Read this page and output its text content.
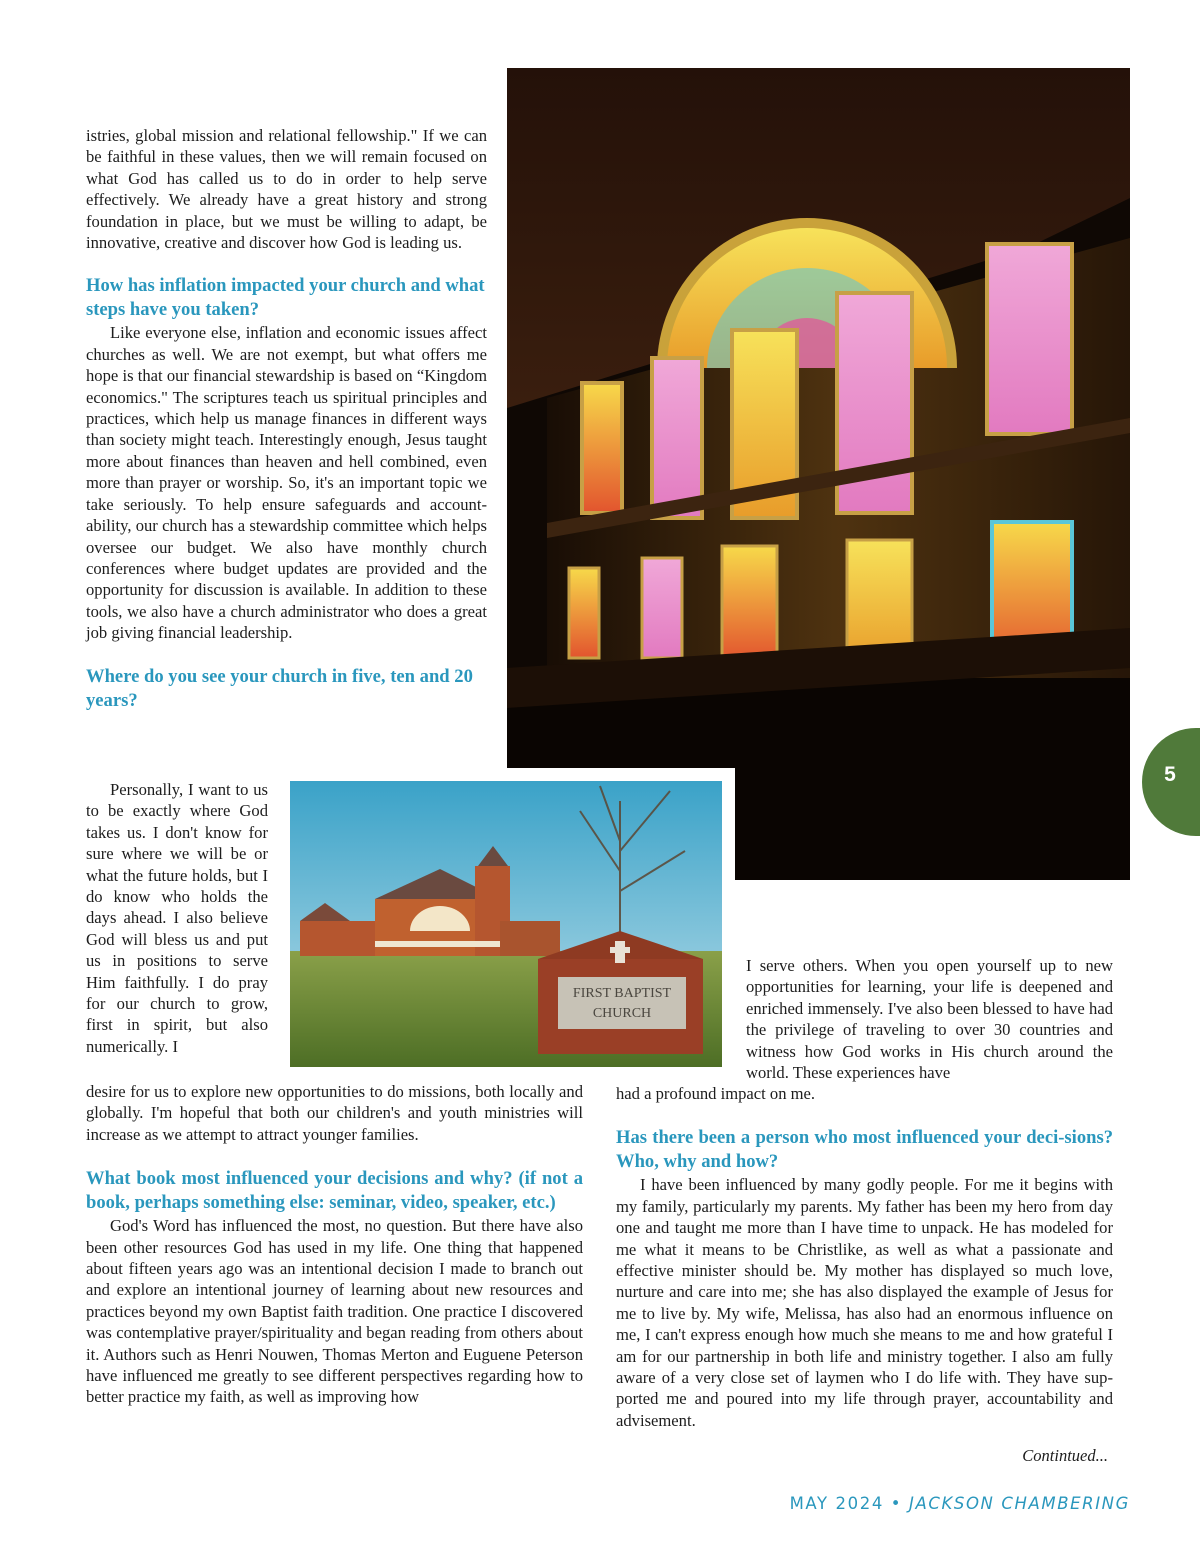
FIRST BAPTIST
CHURCH

istries, global mission and relational fellowship." If we can be faithful in these values, then we will remain focused on what God has called us to do in order to help serve effectively. We already have a great history and strong foundation in place, but we must be willing to adapt, be innovative, creative and discover how God is leading us.

How has inflation impacted your church and what steps have you taken?

Like everyone else, inflation and economic issues affect churches as well. We are not exempt, but what offers me hope is that our financial stewardship is based on “Kingdom economics." The scriptures teach us spiritual principles and practices, which help us manage finances in different ways than society might teach. Interestingly enough, Jesus taught more about finances than heaven and hell combined, even more than prayer or worship. So, it's an important topic we take seriously. To help ensure safeguards and account-ability, our church has a stewardship committee which helps oversee our budget. We also have monthly church conferences where budget updates are provided and the opportunity for discussion is available. In addition to these tools, we also have a church administrator who does a great job giving financial leadership.

Where do you see your church in five, ten and 20 years?

Personally, I want to us to be exactly where God takes us. I don't know for sure where we will be or what the future holds, but I do know who holds the days ahead. I also believe God will bless us and put us in positions to serve Him faithfully. I do pray for our church to grow, first in spirit, but also numerically. I

desire for us to explore new opportunities to do missions, both locally and globally. I'm hopeful that both our children's and youth ministries will increase as we attempt to attract younger families.

What book most influenced your decisions and why? (if not a book, perhaps something else: seminar, video, speaker, etc.)

God's Word has influenced the most, no question. But there have also been other resources God has used in my life. One thing that happened about fifteen years ago was an intentional decision I made to branch out and explore an intentional journey of learning about new resources and practices beyond my own Baptist faith tradition. One practice I discovered was contemplative prayer/spirituality and began reading from others about it. Authors such as Henri Nouwen, Thomas Merton and Euguene Peterson have influenced me greatly to see different perspectives regarding how to better practice my faith, as well as improving how

I serve others. When you open yourself up to new opportunities for learning, your life is deepened and enriched immensely. I've also been blessed to have had the privilege of traveling to over 30 countries and witness how God works in His church around the world. These experiences have

had a profound impact on me.

Has there been a person who most influenced your deci-sions? Who, why and how?

I have been influenced by many godly people. For me it begins with my family, particularly my parents. My father has been my hero from day one and taught me more than I have time to unpack. He has modeled for me what it means to be Christlike, as well as what a passionate and effective minister should be. My mother has displayed so much love, nurture and care into me; she has also displayed the example of Jesus for me to live by. My wife, Melissa, has also had an enormous influence on me, I can't express enough how much she means to me and how grateful I am for our partnership in both life and ministry together. I also am fully aware of a very close set of laymen who I do life with. They have sup-ported me and poured into my life through prayer, accountability and advisement.

Contintued...
5
MAY 2024 • JACKSON CHAMBERING
